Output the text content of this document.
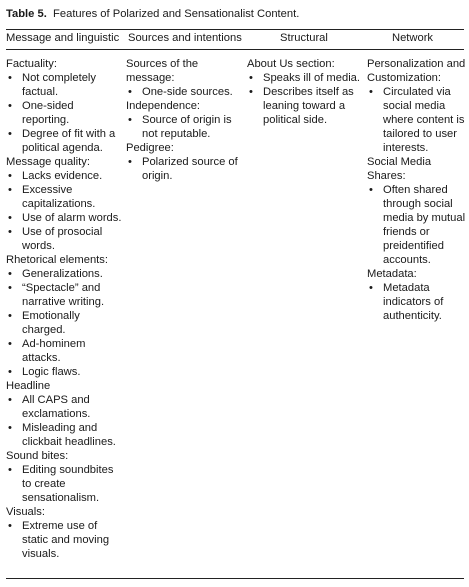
Table 5. Features of Polarized and Sensationalist Content.
Message and linguistic Sources and intentions	Structural	Network
Factuality:
• Not completely factual.
• One-sided reporting.
• Degree of fit with a political agenda.
Message quality:
• Lacks evidence.
• Excessive capitalizations.
• Use of alarm words.
• Use of prosocial words.
Rhetorical elements:
• Generalizations.
• “Spectacle” and narrative writing.
• Emotionally charged.
• Ad-hominem attacks.
• Logic flaws.
Headline
• All CAPS and exclamations.
• Misleading and clickbait headlines.
Sound bites:
• Editing soundbites to create sensationalism.
Visuals:
• Extreme use of static and moving visuals.
Sources of the message:
• One-side sources.
Independence:
• Source of origin is not reputable.
Pedigree:
• Polarized source of origin.
About Us section:
• Speaks ill of media.
• Describes itself as leaning toward a political side.
Personalization and Customization:
• Circulated via social media where content is tailored to user interests.
Social Media Shares:
• Often shared through social media by mutual friends or preidentified accounts.
Metadata:
• Metadata indicators of authenticity.
